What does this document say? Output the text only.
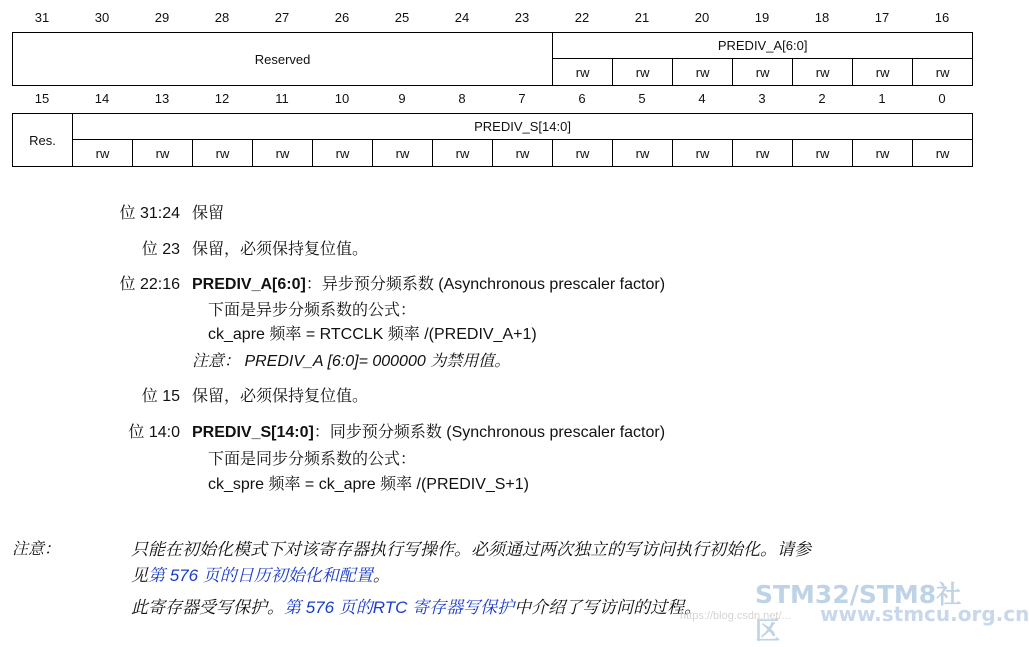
31	30	29	28	27	26	25	24	23	22	21	20	19	18	17	16
Reserved	PREDIV_A[6:0]						
	rw	rw	rw	rw	rw	rw	rw
15	14	13	12	11	10	9	8	7	6	5	4	3	2	1	0
Res.	PREDIV_S[14:0]														
	rw	rw	rw	rw	rw	rw	rw	rw	rw	rw	rw	rw	rw	rw	rw
位 31:24 保留
位 23 保留，必须保持复位值。
位 22:16 PREDIV_A[6:0]：异步预分频系数 (Asynchronous prescaler factor)
下面是异步分频系数的公式：
ck_apre 频率 = RTCCLK 频率 /(PREDIV_A+1)
注意： PREDIV_A [6:0]= 000000 为禁用值。
位 15 保留，必须保持复位值。
位 14:0 PREDIV_S[14:0]：同步预分频系数 (Synchronous prescaler factor)
下面是同步分频系数的公式：
ck_spre 频率 = ck_apre 频率 /(PREDIV_S+1)
注意：	只能在初始化模式下对该寄存器执行写操作。必须通过两次独立的写访问执行初始化。请参
见第 576 页的日历初始化和配置。
此寄存器受写保护。第 576 页的RTC 寄存器写保护中介绍了写访问的过程。 STM32/STM8社区
www.stmcu.org.cn
https://blog.csdn.net/...
